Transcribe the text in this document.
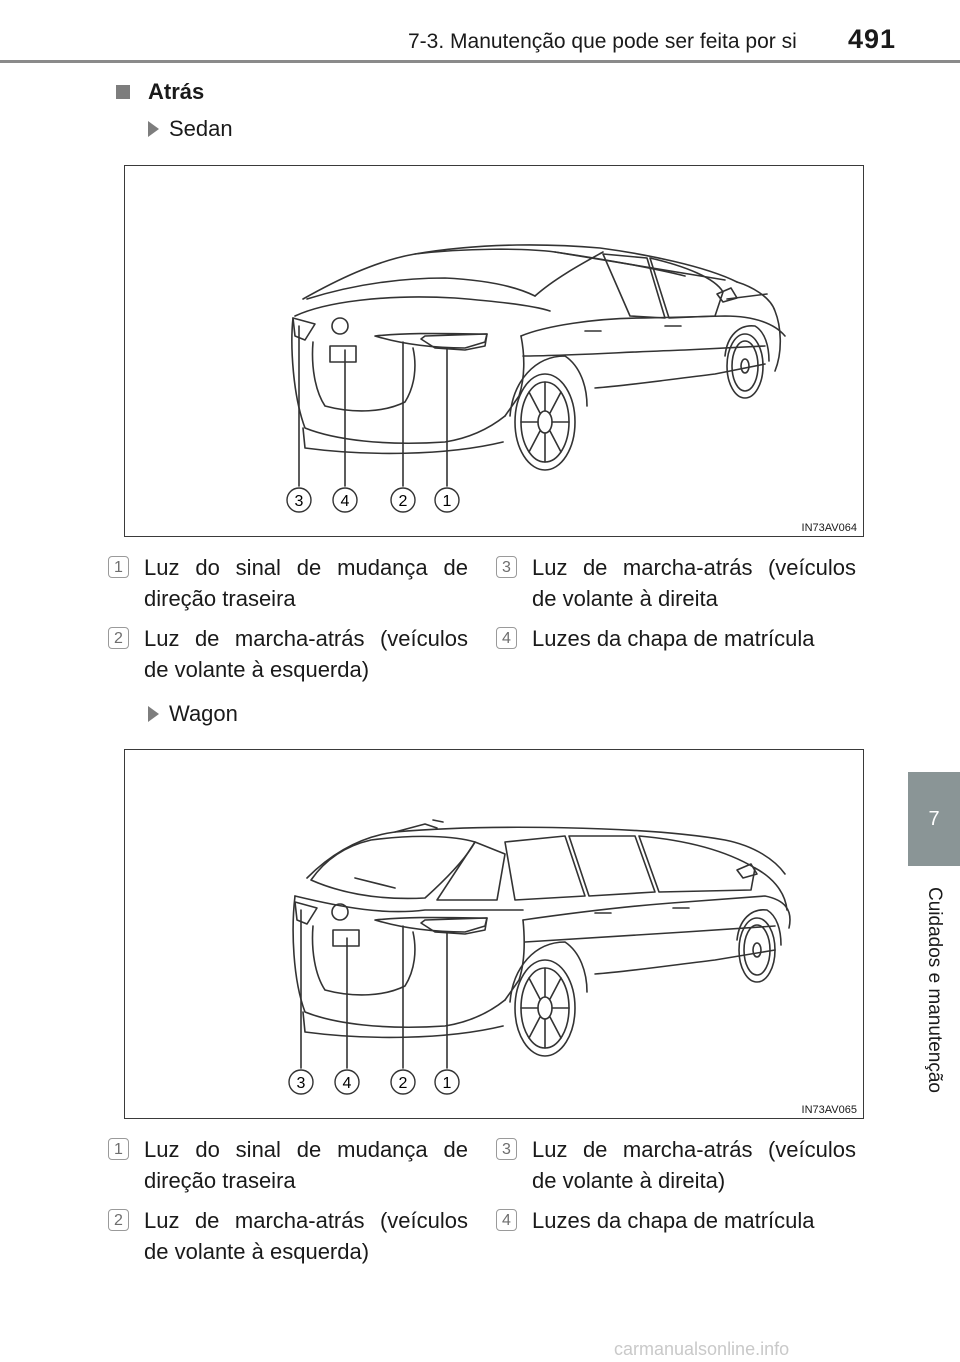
7-3. Manutenção que pode ser feita por si 491
7
Cuidados e manutenção
Atrás
Sedan
3 4	2 1
IN73AV064
1 Luz do sinal de mudança de direção traseira
2 Luz de marcha-atrás (veículos de volante à esquerda)
3 Luz de marcha-atrás (veículos de volante à direita
4 Luzes da chapa de matrícula
Wagon
3 4	2 1
IN73AV065
1 Luz do sinal de mudança de direção traseira
2 Luz de marcha-atrás (veículos de volante à esquerda)
3 Luz de marcha-atrás (veículos de volante à direita)
4 Luzes da chapa de matrícula
carmanualsonline.info
